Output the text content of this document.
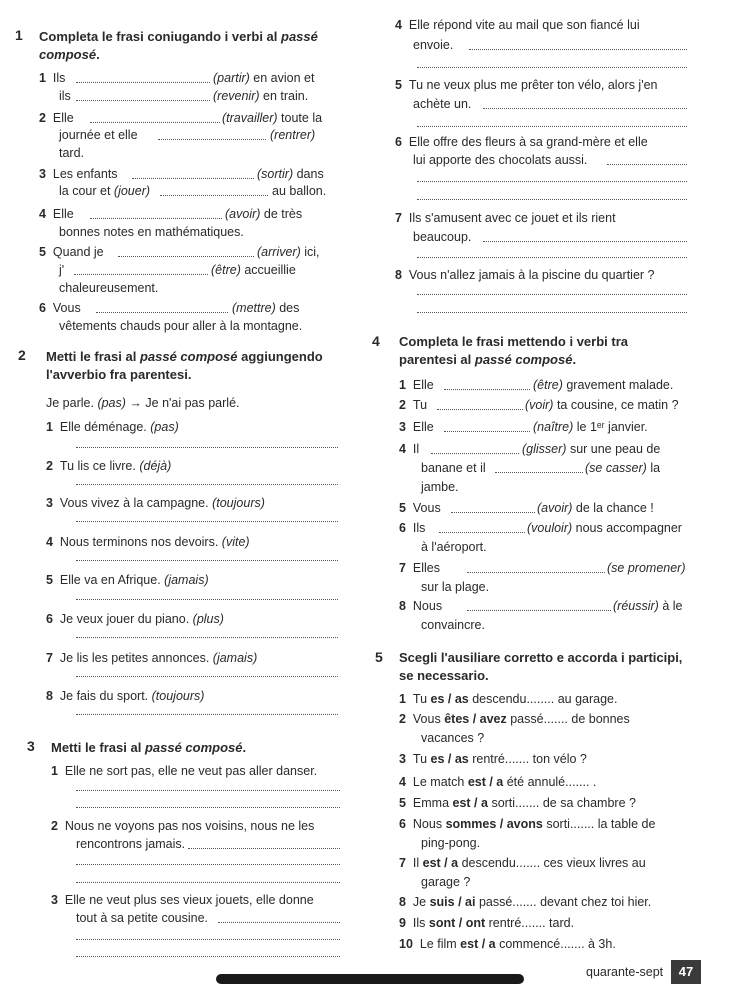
1 Completa le frasi coniugando i verbi al passé
composé.
1 Ils	(partir) en avion et
ils	(revenir) en train.
2 Elle	(travailler) toute la
journée et elle	(rentrer)
tard.
3 Les enfants	(sortir) dans
la cour et (jouer)	au ballon.
4 Elle	(avoir) de très
bonnes notes en mathématiques.
5 Quand je	(arriver) ici,
j'	(être) accueillie
chaleureusement.
6 Vous	(mettre) des
vêtements chauds pour aller à la montagne.
2 Metti le frasi al passé composé aggiungendo
l'avverbio fra parentesi.
Je parle. (pas) → Je n'ai pas parlé.
1 Elle déménage. (pas)
2 Tu lis ce livre. (déjà)
3 Vous vivez à la campagne. (toujours)
4 Nous terminons nos devoirs. (vite)
5 Elle va en Afrique. (jamais)
6 Je veux jouer du piano. (plus)
7 Je lis les petites annonces. (jamais)
8 Je fais du sport. (toujours)
3 Metti le frasi al passé composé.
1 Elle ne sort pas, elle ne veut pas aller danser.
2 Nous ne voyons pas nos voisins, nous ne les
rencontrons jamais.
3 Elle ne veut plus ses vieux jouets, elle donne
tout à sa petite cousine.
4 Elle répond vite au mail que son fiancé lui
envoie.
5 Tu ne veux plus me prêter ton vélo, alors j'en
achète un.
6 Elle offre des fleurs à sa grand-mère et elle
lui apporte des chocolats aussi.
7 Ils s'amusent avec ce jouet et ils rient
beaucoup.
8 Vous n'allez jamais à la piscine du quartier ?
4 Completa le frasi mettendo i verbi tra
parentesi al passé composé.
1 Elle	(être) gravement malade.
2 Tu	(voir) ta cousine, ce matin ?
3 Elle	(naître) le 1ᵉʳ janvier.
4 Il	(glisser) sur une peau de
banane et il	(se casser) la
jambe.
5 Vous	(avoir) de la chance !
6 Ils	(vouloir) nous accompagner
à l'aéroport.
7 Elles	(se promener)
sur la plage.
8 Nous	(réussir) à le
convaincre.
5 Scegli l'ausiliare corretto e accorda i participi,
se necessario.
1 Tu es / as descendu........ au garage.
2 Vous êtes / avez passé....... de bonnes
vacances ?
3 Tu es / as rentré....... ton vélo ?
4 Le match est / a été annulé....... .
5 Emma est / a sorti....... de sa chambre ?
6 Nous sommes / avons sorti....... la table de
ping-pong.
7 Il est / a descendu....... ces vieux livres au
garage ?
8 Je suis / ai passé....... devant chez toi hier.
9 Ils sont / ont rentré....... tard.
10 Le film est / a commencé....... à 3h.
quarante-sept	47
